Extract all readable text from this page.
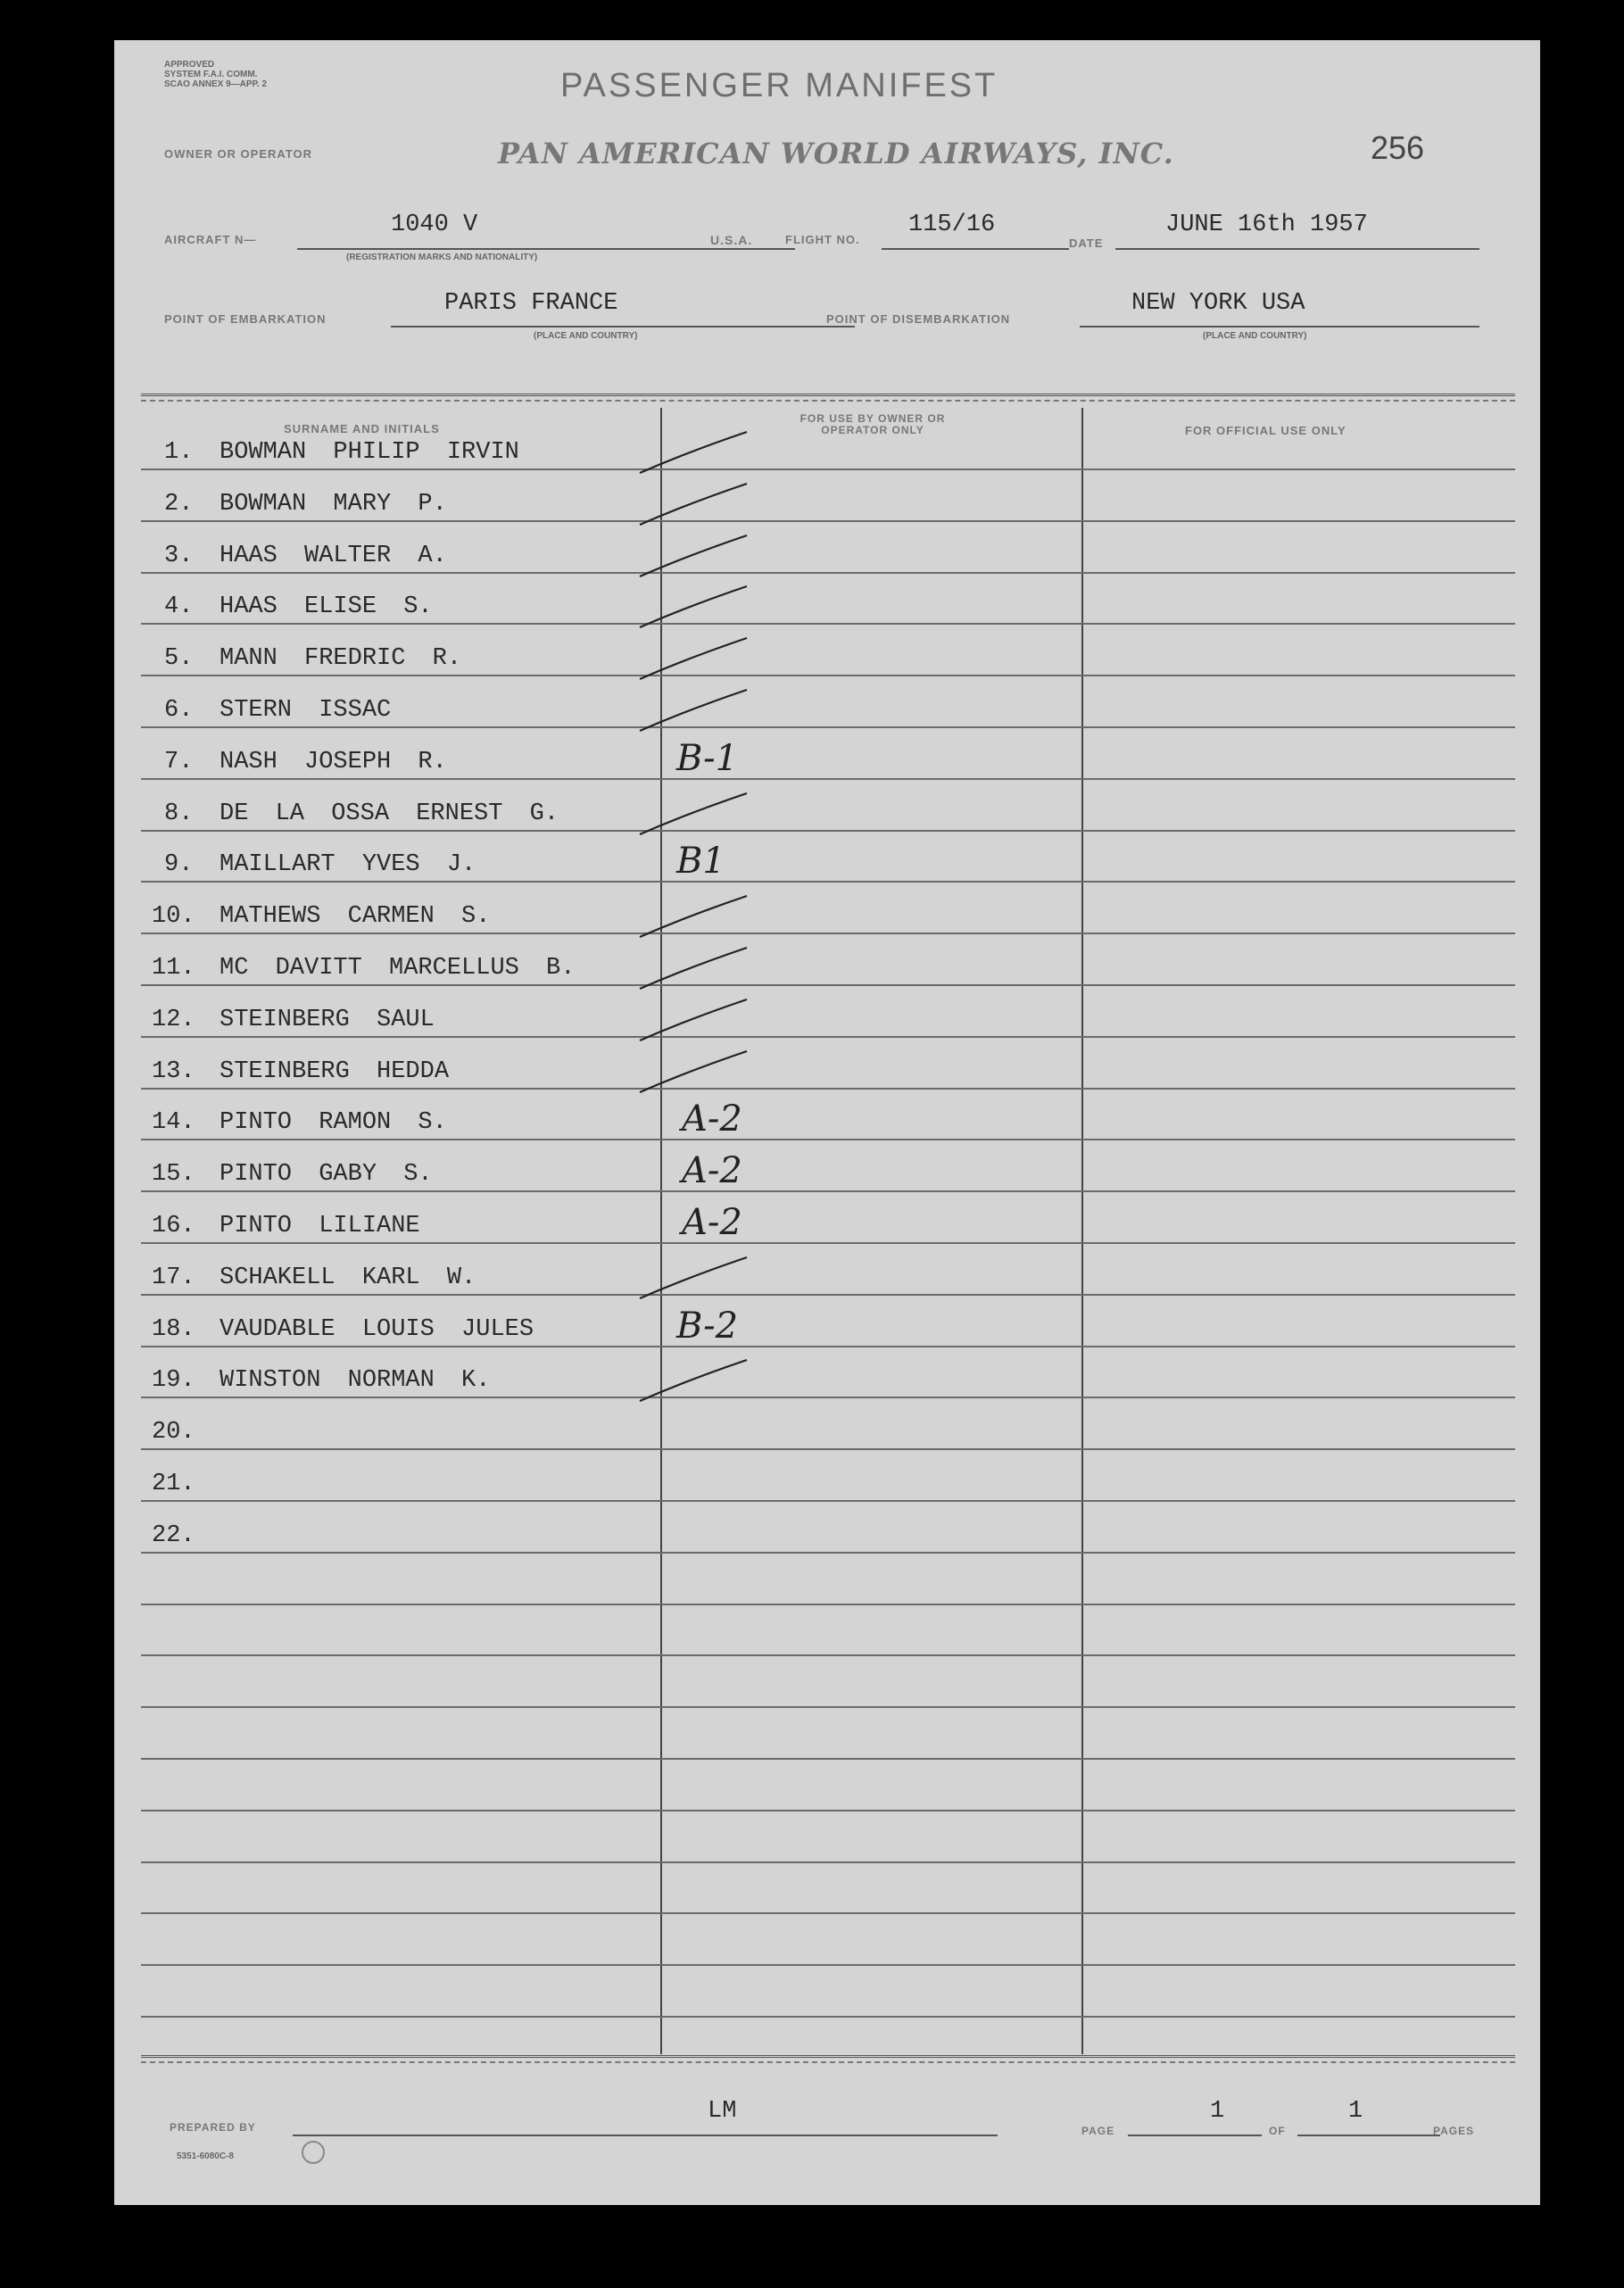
APPROVED
SYSTEM F.A.I. COMM.
SCAO ANNEX 9—APP. 2	PASSENGER MANIFEST
256
OWNER OR OPERATOR	PAN AMERICAN WORLD AIRWAYS, INC.
AIRCRAFT N—
1040 V
(REGISTRATION MARKS AND NATIONALITY)
U.S.A.	FLIGHT NO.
115/16
DATE
JUNE 16th 1957
POINT OF EMBARKATION
PARIS FRANCE
(PLACE AND COUNTRY)
POINT OF DISEMBARKATION
NEW YORK USA
(PLACE AND COUNTRY)
SURNAME AND INITIALS
FOR USE BY OWNER OR OPERATOR ONLY	FOR OFFICIAL USE ONLY
1. BOWMAN PHILIP IRVIN
2. BOWMAN MARY P.
3. HAAS WALTER A.
4. HAAS ELISE S.
5. MANN FREDRIC R.
6. STERN ISSAC
7. NASH JOSEPH R.	B-1
8. DE LA OSSA ERNEST G.
9. MAILLART YVES J.	B1
10. MATHEWS CARMEN S.
11. MC DAVITT MARCELLUS B.
12. STEINBERG SAUL
13. STEINBERG HEDDA
14. PINTO RAMON S.	A-2
15. PINTO GABY S.	A-2
16. PINTO LILIANE	A-2
17. SCHAKELL KARL W.
18. VAUDABLE LOUIS JULES	B-2
19. WINSTON NORMAN K.
20.
21.
22.
PREPARED BY
LM
PAGE
1
OF
1
PAGES
5351-6080C-8
